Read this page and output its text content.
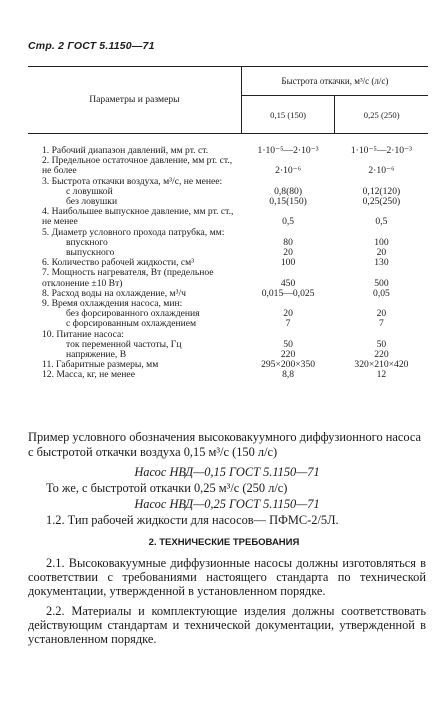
Стр. 2 ГОСТ 5.1150—71
Параметры и размеры	Быстрота откачки, м³/с (л/с)	
	0,15 (150)	0,25 (250)

1. Рабочий диапазон давлений, мм рт. ст.	1·10⁻⁵—2·10⁻³	1·10⁻⁵—2·10⁻³
2. Предельное остаточное давление, мм рт. ст., не более	2·10⁻⁶	2·10⁻⁶
3. Быстрота откачки воздуха, м³/с, не менее:		
с ловушкой	0,8(80)	0,12(120)
без ловушки	0,15(150)	0,25(250)
4. Наибольшее выпускное давление, мм рт. ст., не менее	0,5	0,5
5. Диаметр условного прохода патрубка, мм:		
впускного	80	100
выпускного	20	20
6. Количество рабочей жидкости, см³	100	130
7. Мощность нагревателя, Вт (предельное отклонение ±10 Вт)	450	500
8. Расход воды на охлаждение, м³/ч	0,015—0,025	0,05
9. Время охлаждения насоса, мин:		
без форсированного охлаждения	20	20
с форсированным охлаждением	7	7
10. Питание насоса:		
ток переменной частоты, Гц	50	50
напряжение, В	220	220
11. Габаритные размеры, мм	295×200×350	320×210×420
12. Масса, кг, не менее	8,8	12
Пример условного обозначения высоковакуумного диффузионного насоса с быстротой откачки воздуха 0,15 м³/с (150 л/с)
Насос НВД—0,15 ГОСТ 5.1150—71
То же, с быстротой откачки 0,25 м³/с (250 л/с)
Насос НВД—0,25 ГОСТ 5.1150—71
1.2. Тип рабочей жидкости для насосов— ПФМС-2/5Л.
2. ТЕХНИЧЕСКИЕ ТРЕБОВАНИЯ
2.1. Высоковакуумные диффузионные насосы должны изготовляться в соответствии с требованиями настоящего стандарта по технической документации, утвержденной в установленном порядке.
2.2. Материалы и комплектующие изделия должны соответствовать действующим стандартам и технической документации, утвержденной в установленном порядке.
